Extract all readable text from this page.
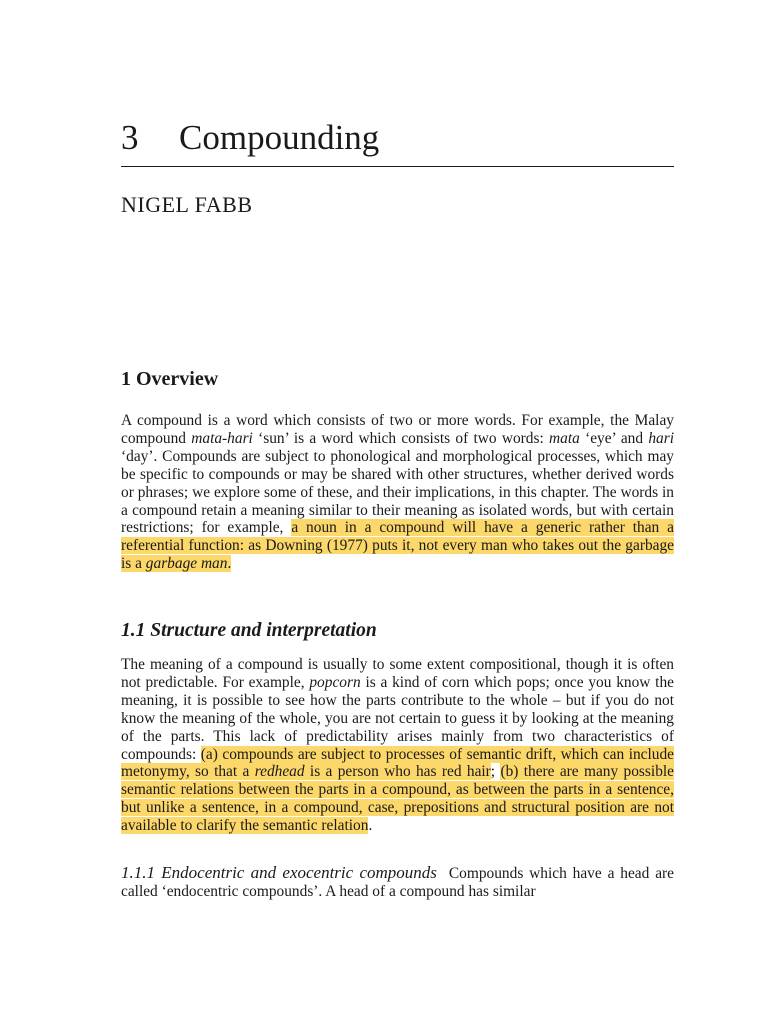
3 Compounding
NIGEL FABB
1 Overview
A compound is a word which consists of two or more words. For example, the Malay compound mata-hari ‘sun’ is a word which consists of two words: mata ‘eye’ and hari ‘day’. Compounds are subject to phonological and morphological processes, which may be specific to compounds or may be shared with other structures, whether derived words or phrases; we explore some of these, and their implications, in this chapter. The words in a compound retain a meaning similar to their meaning as isolated words, but with certain restrictions; for example, a noun in a compound will have a generic rather than a referential function: as Downing (1977) puts it, not every man who takes out the garbage is a garbage man.
1.1 Structure and interpretation
The meaning of a compound is usually to some extent compositional, though it is often not predictable. For example, popcorn is a kind of corn which pops; once you know the meaning, it is possible to see how the parts contribute to the whole – but if you do not know the meaning of the whole, you are not certain to guess it by looking at the meaning of the parts. This lack of predictability arises mainly from two characteristics of compounds: (a) compounds are subject to processes of semantic drift, which can include metonymy, so that a redhead is a person who has red hair; (b) there are many possible semantic relations between the parts in a compound, as between the parts in a sentence, but unlike a sentence, in a compound, case, prepositions and structural position are not available to clarify the semantic relation.
1.1.1 Endocentric and exocentric compounds Compounds which have a head are called ‘endocentric compounds’. A head of a compound has similar
